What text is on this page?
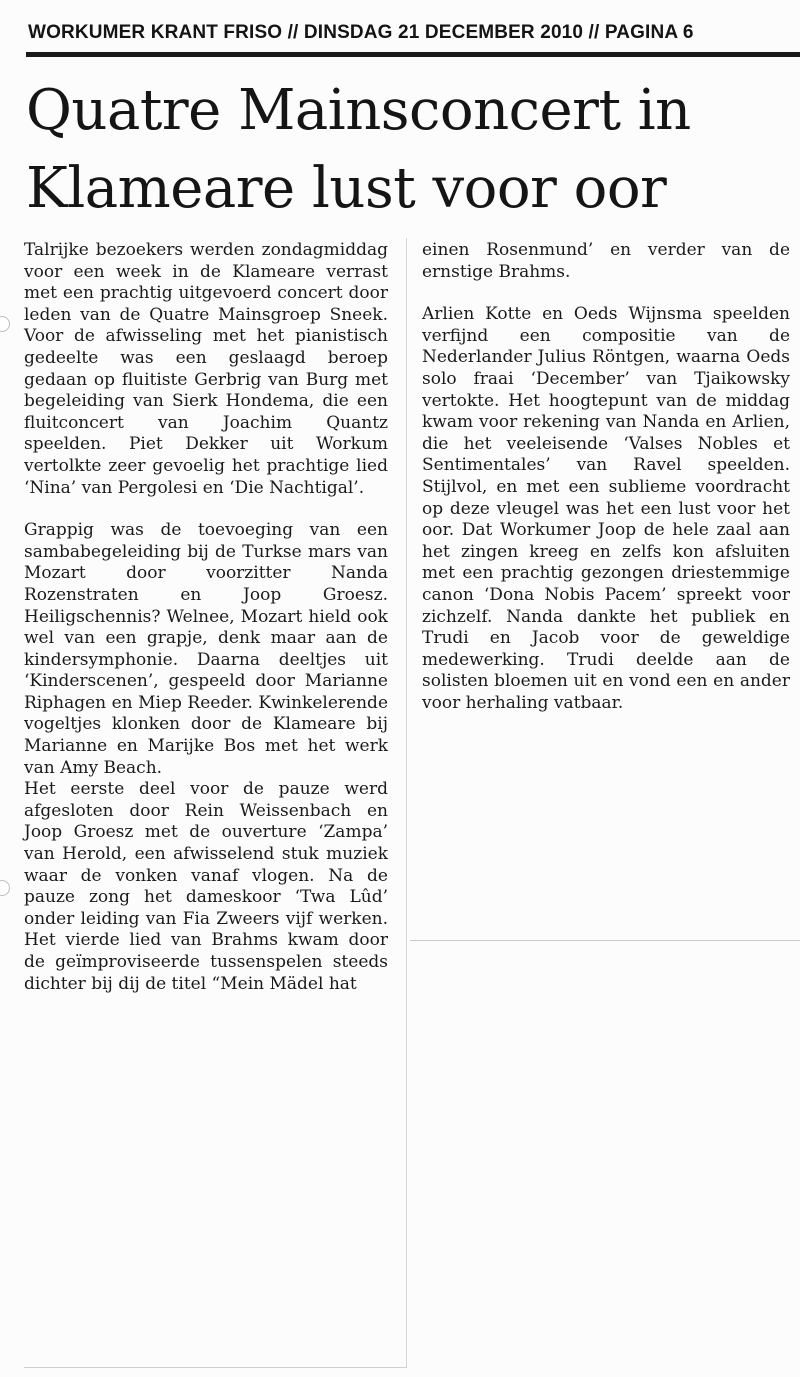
WORKUMER KRANT FRISO // DINSDAG 21 DECEMBER 2010 // PAGINA 6
Quatre Mainsconcert in
Klameare lust voor oor

Talrijke bezoekers werden zondagmiddag voor een week in de Klameare verrast met een prachtig uitgevoerd concert door leden van de Quatre Mainsgroep Sneek. Voor de afwisseling met het pianistisch gedeelte was een geslaagd beroep gedaan op fluitiste Gerbrig van Burg met begeleiding van Sierk Hondema, die een fluitconcert van Joachim Quantz speelden. Piet Dekker uit Workum vertolkte zeer gevoelig het prachtige lied ‘Nina’ van Pergolesi en ‘Die Nachtigal’.

Grappig was de toevoeging van een sambabegeleiding bij de Turkse mars van Mozart door voorzitter Nanda Rozenstraten en Joop Groesz. Heiligschennis? Welnee, Mozart hield ook wel van een grapje, denk maar aan de kindersymphonie. Daarna deeltjes uit ‘Kinderscenen’, gespeeld door Marianne Riphagen en Miep Reeder. Kwinkelerende vogeltjes klonken door de Klameare bij Marianne en Marijke Bos met het werk van Amy Beach.

Het eerste deel voor de pauze werd afgesloten door Rein Weissenbach en Joop Groesz met de ouverture ‘Zampa’ van Herold, een afwisselend stuk muziek waar de vonken vanaf vlogen. Na de pauze zong het dameskoor ‘Twa Lûd’ onder leiding van Fia Zweers vijf werken. Het vierde lied van Brahms kwam door de geïmproviseerde tussenspelen steeds dichter bij dij de titel “Mein Mädel hat

einen Rosenmund’ en verder van de ernstige Brahms.

Arlien Kotte en Oeds Wijnsma speelden verfijnd een compositie van de Nederlander Julius Röntgen, waarna Oeds solo fraai ‘December’ van Tjaikowsky vertokte. Het hoogtepunt van de middag kwam voor rekening van Nanda en Arlien, die het veeleisende ‘Valses Nobles et Sentimentales’ van Ravel speelden. Stijlvol, en met een sublieme voordracht op deze vleugel was het een lust voor het oor. Dat Workumer Joop de hele zaal aan het zingen kreeg en zelfs kon afsluiten met een prachtig gezongen driestemmige canon ‘Dona Nobis Pacem’ spreekt voor zichzelf. Nanda dankte het publiek en Trudi en Jacob voor de geweldige medewerking. Trudi deelde aan de solisten bloemen uit en vond een en ander voor herhaling vatbaar.
